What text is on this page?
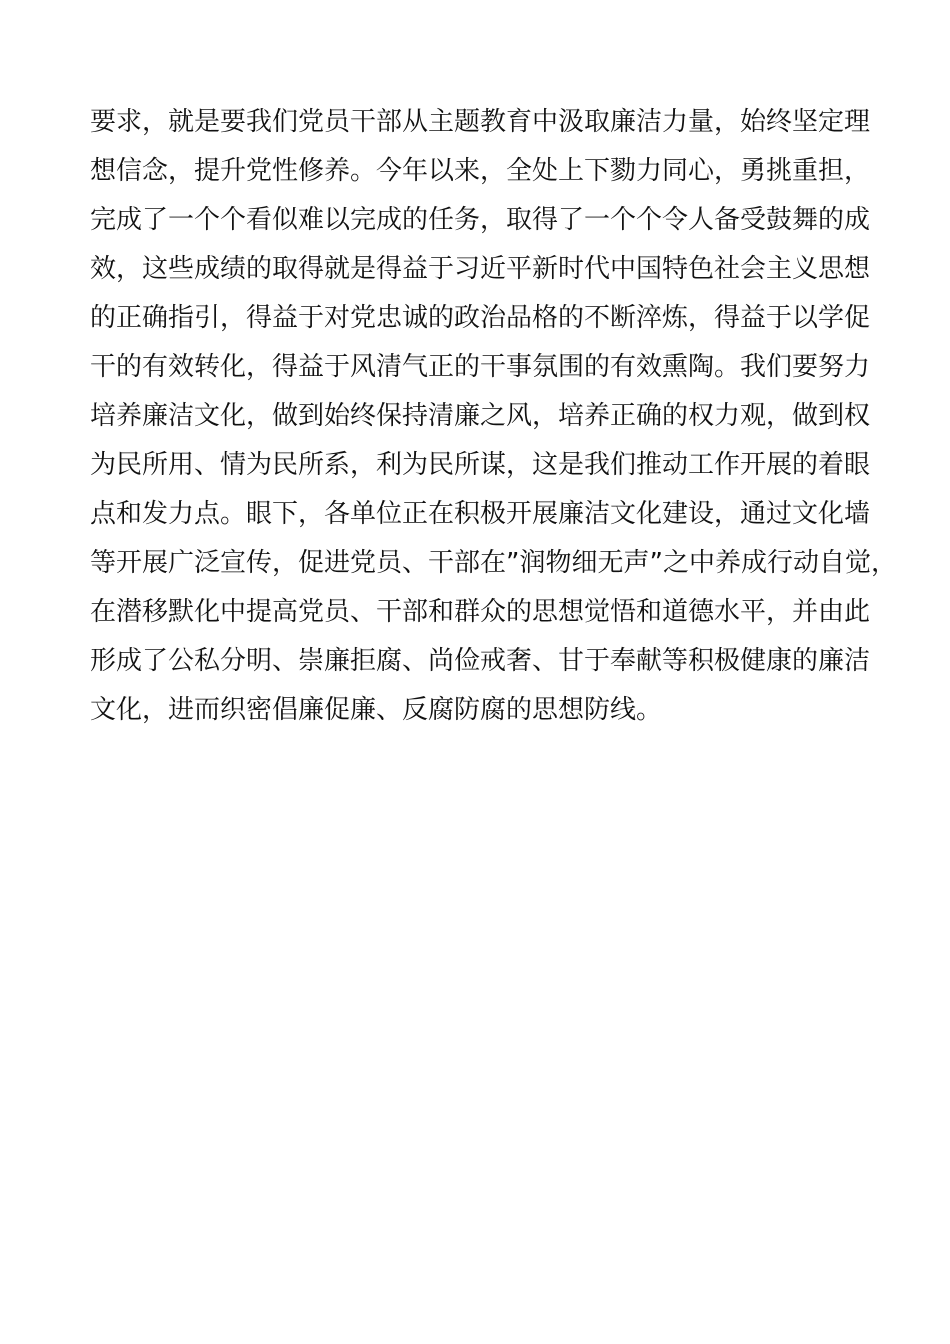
要求，就是要我们党员干部从主题教育中汲取廉洁力量，始终坚定理
想信念，提升党性修养。今年以来，全处上下勠力同心，勇挑重担，
完成了一个个看似难以完成的任务，取得了一个个令人备受鼓舞的成
效，这些成绩的取得就是得益于习近平新时代中国特色社会主义思想
的正确指引，得益于对党忠诚的政治品格的不断淬炼，得益于以学促
干的有效转化，得益于风清气正的干事氛围的有效熏陶。我们要努力
培养廉洁文化，做到始终保持清廉之风，培养正确的权力观，做到权
为民所用、情为民所系，利为民所谋，这是我们推动工作开展的着眼
点和发力点。眼下，各单位正在积极开展廉洁文化建设，通过文化墙
等开展广泛宣传，促进党员、干部在”润物细无声”之中养成行动自觉，
在潜移默化中提高党员、干部和群众的思想觉悟和道德水平，并由此
形成了公私分明、崇廉拒腐、尚俭戒奢、甘于奉献等积极健康的廉洁
文化，进而织密倡廉促廉、反腐防腐的思想防线。
